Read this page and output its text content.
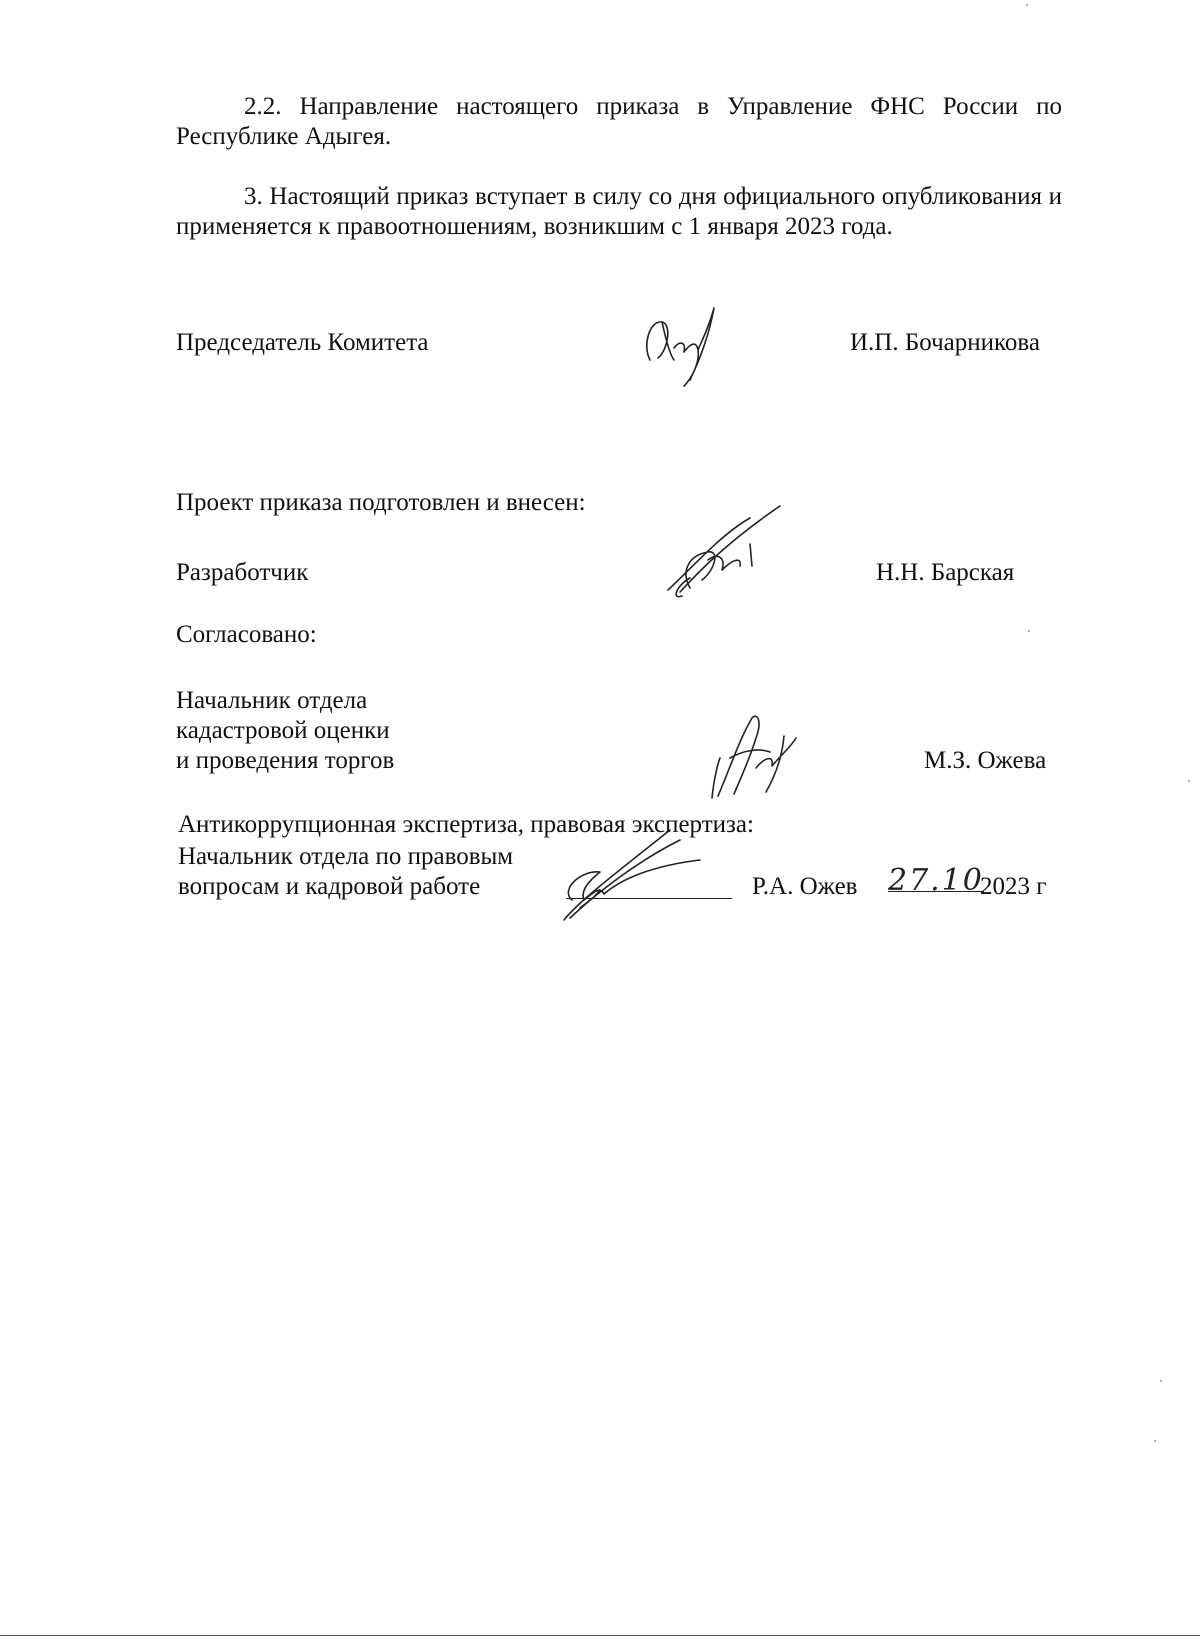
2.2. Направление настоящего приказа в Управление ФНС России по Республике Адыгея.
3. Настоящий приказ вступает в силу со дня официального опубликования и применяется к правоотношениям, возникшим с 1 января 2023 года.
Председатель Комитета	И.П. Бочарникова
Проект приказа подготовлен и внесен:
Разработчик	Н.Н. Барская
Согласовано:
Начальник отдела
кадастровой оценки
и проведения торгов	М.З. Ожева
Антикоррупционная экспертиза, правовая экспертиза:
Начальник отдела по правовым
вопросам и кадровой работе	Р.А. Ожев 27.10
2023 г
